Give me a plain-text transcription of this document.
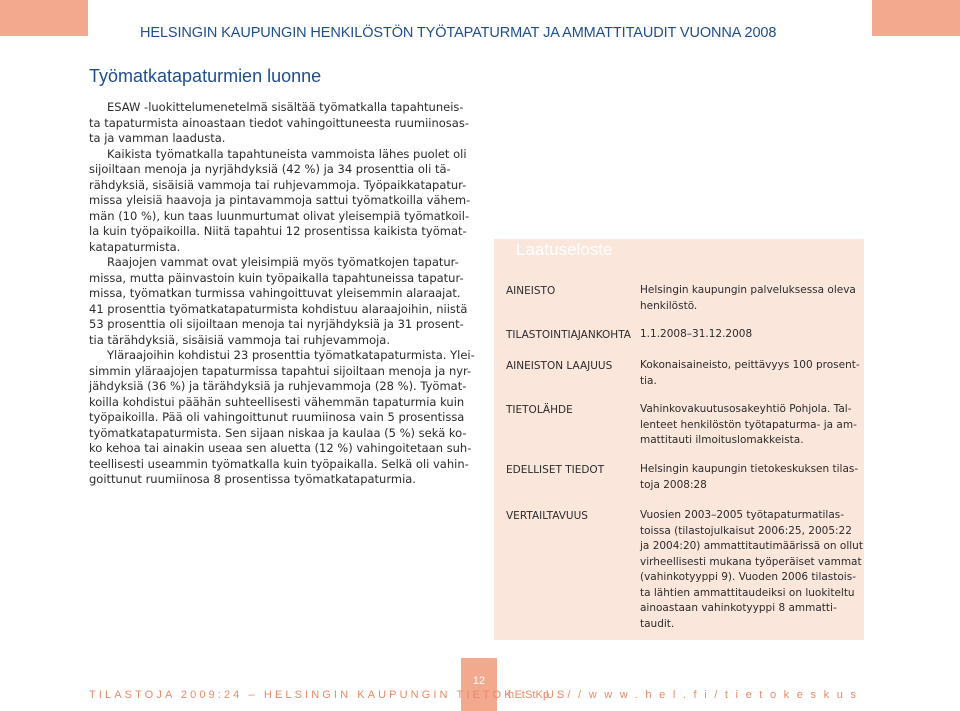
HELSINGIN KAUPUNGIN HENKILÖSTÖN TYÖTAPATURMAT JA AMMATTITAUDIT VUONNA 2008
Työmatkatapaturmien luonne

ESAW -luokittelumenetelmä sisältää työmatkalla tapahtuneis-
ta tapaturmista ainoastaan tiedot vahingoittuneesta ruumiinosas-
ta ja vamman laadusta.

Kaikista työmatkalla tapahtuneista vammoista lähes puolet oli
sijoiltaan menoja ja nyrjähdyksiä (42 %) ja 34 prosenttia oli tä-
rähdyksiä, sisäisiä vammoja tai ruhjevammoja. Työpaikkatapatur-
missa yleisiä haavoja ja pintavammoja sattui työmatkoilla vähem-
män (10 %), kun taas luunmurtumat olivat yleisempiä työmatkoil-
la kuin työpaikoilla. Niitä tapahtui 12 prosentissa kaikista työmat-
katapaturmista.

Raajojen vammat ovat yleisimpiä myös työmatkojen tapatur-
missa, mutta päinvastoin kuin työpaikalla tapahtuneissa tapatur-
missa, työmatkan turmissa vahingoittuvat yleisemmin alaraajat.
41 prosenttia työmatkatapaturmista kohdistuu alaraajoihin, niistä
53 prosenttia oli sijoiltaan menoja tai nyrjähdyksiä ja 31 prosent-
tia tärähdyksiä, sisäisiä vammoja tai ruhjevammoja.

Yläraajoihin kohdistui 23 prosenttia työmatkatapaturmista. Ylei-
simmin yläraajojen tapaturmissa tapahtui sijoiltaan menoja ja nyr-
jähdyksiä (36 %) ja tärähdyksiä ja ruhjevammoja (28 %). Työmat-
koilla kohdistui päähän suhteellisesti vähemmän tapaturmia kuin
työpaikoilla. Pää oli vahingoittunut ruumiinosa vain 5 prosentissa
työmatkatapaturmista. Sen sijaan niskaa ja kaulaa (5 %) sekä ko-
ko kehoa tai ainakin useaa sen aluetta (12 %) vahingoitetaan suh-
teellisesti useammin työmatkalla kuin työpaikalla. Selkä oli vahin-
goittunut ruumiinosa 8 prosentissa työmatkatapaturmia.

Laatuseloste
AINEISTO	Helsingin kaupungin palveluksessa oleva
henkilöstö.
TILASTOINTIAJANKOHTA 1.1.2008–31.12.2008
AINEISTON LAAJUUS	Kokonaisaineisto, peittävyys 100 prosent-
tia.
TIETOLÄHDE	Vahinkovakuutusosakeyhtiö Pohjola. Tal-
lenteet henkilöstön työtapaturma- ja am-
mattitauti ilmoituslomakkeista.
EDELLISET TIEDOT	Helsingin kaupungin tietokeskuksen tilas-
toja 2008:28
VERTAILTAVUUS	Vuosien 2003–2005 työtapaturmatilas-
toissa (tilastojulkaisut 2006:25, 2005:22
ja 2004:20) ammattitautimäärissä on ollut
virheellisesti mukana työperäiset vammat
(vahinkotyyppi 9). Vuoden 2006 tilastois-
ta lähtien ammattitaudeiksi on luokiteltu
ainoastaan vahinkotyyppi 8 ammatti-
taudit.
12
TILASTOJA 2009:24 – HELSINGIN KAUPUNGIN TIETOKESKUS
http://www.hel.fi/tietokeskus
